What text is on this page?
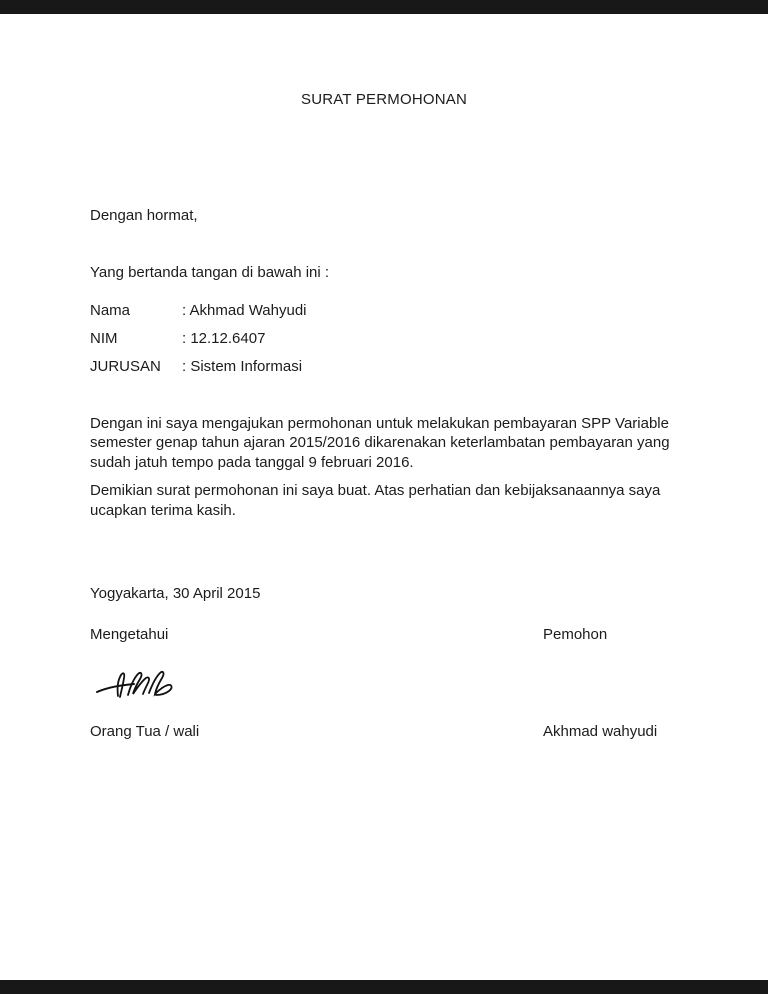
SURAT PERMOHONAN
Dengan hormat,
Yang bertanda tangan di bawah ini :
Nama	: Akhmad Wahyudi
NIM	: 12.12.6407
JURUSAN	: Sistem Informasi
Dengan ini saya mengajukan permohonan untuk melakukan pembayaran SPP Variable semester genap tahun ajaran 2015/2016 dikarenakan keterlambatan pembayaran yang sudah jatuh tempo pada tanggal 9 februari 2016.
Demikian surat permohonan ini saya buat. Atas perhatian dan kebijaksanaannya saya ucapkan terima kasih.
Yogyakarta, 30 April 2015
Mengetahui	Pemohon
Orang Tua / wali	Akhmad wahyudi
